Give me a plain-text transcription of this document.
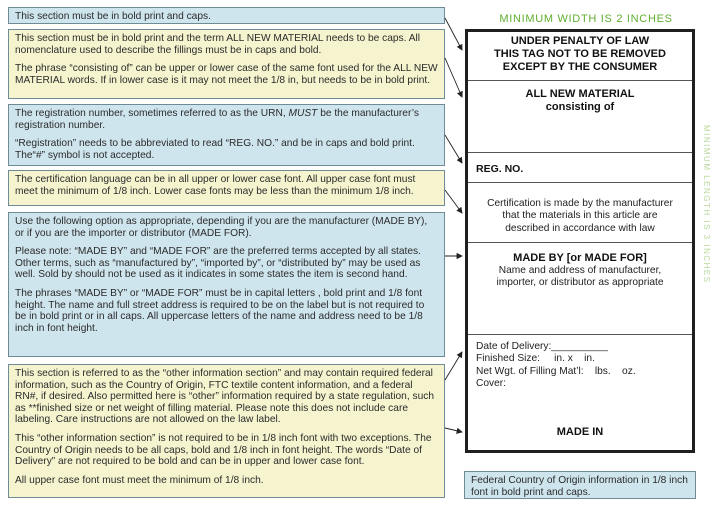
This section must be in bold print and caps.

This section must be in bold print and the term ALL NEW MATERIAL needs to be caps. All nomenclature used to describe the fillings must be in caps and bold.

The phrase “consisting of” can be upper or lower case of the same font used for the ALL NEW MATERIAL words. If in lower case is it may not meet the 1/8 in, but needs to be in bold print.

The registration number, sometimes referred to as the URN, MUST be the manufacturer’s registration number.

“Registration” needs to be abbreviated to read “REG. NO.” and be in caps and bold print. The“#” symbol is not accepted.

The certification language can be in all upper or lower case font. All upper case font must meet the minimum of 1/8 inch. Lower case fonts may be less than the minimum 1/8 inch.

Use the following option as appropriate, depending if you are the manufacturer (MADE BY), or if you are the importer or distributor (MADE FOR).

Please note: “MADE BY” and “MADE FOR” are the preferred terms accepted by all states. Other terms, such as “manufactured by”, “imported by”, or “distributed by” may be used as well. Sold by should not be used as it indicates in some states the item is second hand.

The phrases “MADE BY” or “MADE FOR” must be in capital letters , bold print and 1/8 font height. The name and full street address is required to be on the label but is not required to be in bold print or in all caps. All uppercase letters of the name and address need to be 1/8 inch in font height.

This section is referred to as the “other information section” and may contain required federal information, such as the Country of Origin, FTC textile content information, and a federal RN#, if desired. Also permitted here is “other” information required by a state regulation, such as **finished size or net weight of filling material. Please note this does not include care labeling. Care instructions are not allowed on the law label.

This “other information section” is not required to be in 1/8 inch font with two exceptions. The Country of Origin needs to be all caps, bold and 1/8 inch in font height. The words “Date of Delivery” are not required to be bold and can be in upper and lower case font.

All upper case font must meet the minimum of 1/8 inch.

MINIMUM WIDTH IS 2 INCHES
MINIMUM LENGTH IS 3 INCHES
UNDER PENALTY OF LAW
THIS TAG NOT TO BE REMOVED
EXCEPT BY THE CONSUMER
ALL NEW MATERIAL
consisting of
REG. NO.
Certification is made by the manufacturer
that the materials in this article are
described in accordance with law
MADE BY [or MADE FOR]
Name and address of manufacturer,
importer, or distributor as appropriate
Date of Delivery:__________
Finished Size:     in. x    in.
Net Wgt. of Filling Mat’l:    lbs.    oz.
Cover:
MADE IN
Federal Country of Origin information in 1/8 inch font in bold print and caps.
